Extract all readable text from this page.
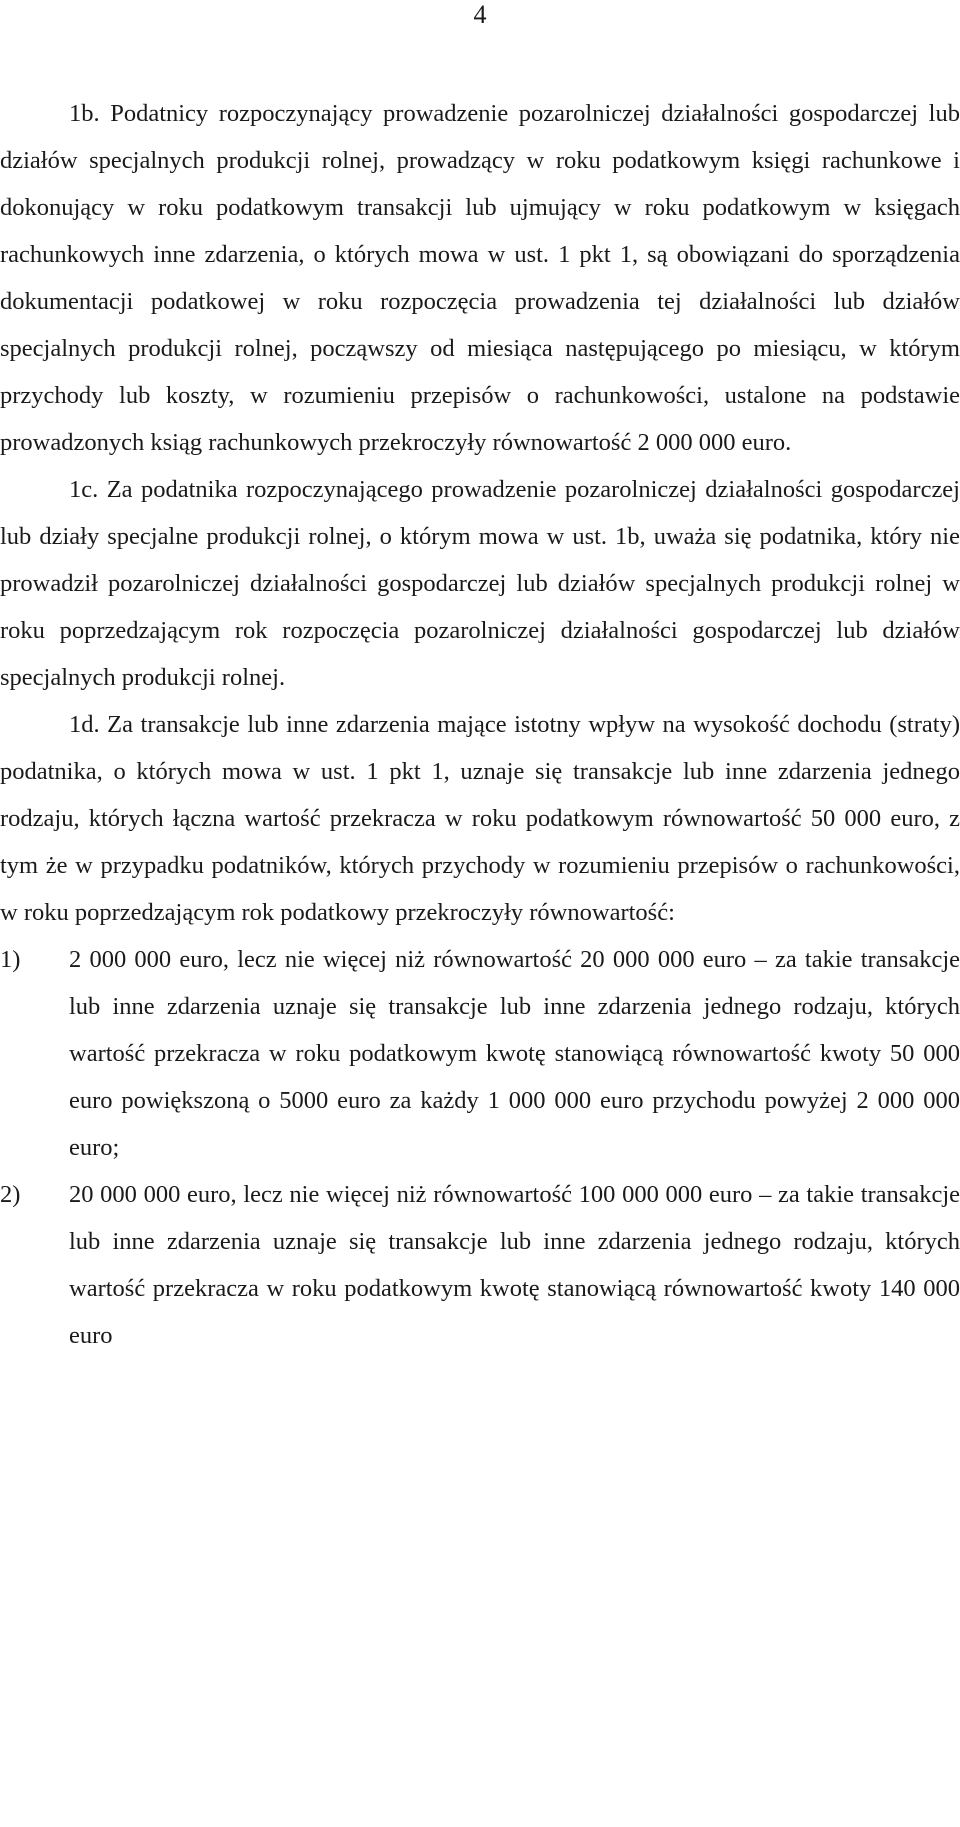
4

1b. Podatnicy rozpoczynający prowadzenie pozarolniczej działalności gospodarczej lub działów specjalnych produkcji rolnej, prowadzący w roku podatkowym księgi rachunkowe i dokonujący w roku podatkowym transakcji lub ujmujący w roku podatkowym w księgach rachunkowych inne zdarzenia, o których mowa w ust. 1 pkt 1, są obowiązani do sporządzenia dokumentacji podatkowej w roku rozpoczęcia prowadzenia tej działalności lub działów specjalnych produkcji rolnej, począwszy od miesiąca następującego po miesiącu, w którym przychody lub koszty, w rozumieniu przepisów o rachunkowości, ustalone na podstawie prowadzonych ksiąg rachunkowych przekroczyły równowartość 2 000 000 euro.

1c. Za podatnika rozpoczynającego prowadzenie pozarolniczej działalności gospodarczej lub działy specjalne produkcji rolnej, o którym mowa w ust. 1b, uważa się podatnika, który nie prowadził pozarolniczej działalności gospodarczej lub działów specjalnych produkcji rolnej w roku poprzedzającym rok rozpoczęcia pozarolniczej działalności gospodarczej lub działów specjalnych produkcji rolnej.

1d. Za transakcje lub inne zdarzenia mające istotny wpływ na wysokość dochodu (straty) podatnika, o których mowa w ust. 1 pkt 1, uznaje się transakcje lub inne zdarzenia jednego rodzaju, których łączna wartość przekracza w roku podatkowym równowartość 50 000 euro, z tym że w przypadku podatników, których przychody w rozumieniu przepisów o rachunkowości, w roku poprzedzającym rok podatkowy przekroczyły równowartość:

1)	2 000 000 euro, lecz nie więcej niż równowartość 20 000 000 euro – za takie transakcje lub inne zdarzenia uznaje się transakcje lub inne zdarzenia jednego rodzaju, których wartość przekracza w roku podatkowym kwotę stanowiącą równowartość kwoty 50 000 euro powiększoną o 5000 euro za każdy 1 000 000 euro przychodu powyżej 2 000 000 euro;
2)	20 000 000 euro, lecz nie więcej niż równowartość 100 000 000 euro – za takie transakcje lub inne zdarzenia uznaje się transakcje lub inne zdarzenia jednego rodzaju, których wartość przekracza w roku podatkowym kwotę stanowiącą równowartość kwoty 140 000 euro
